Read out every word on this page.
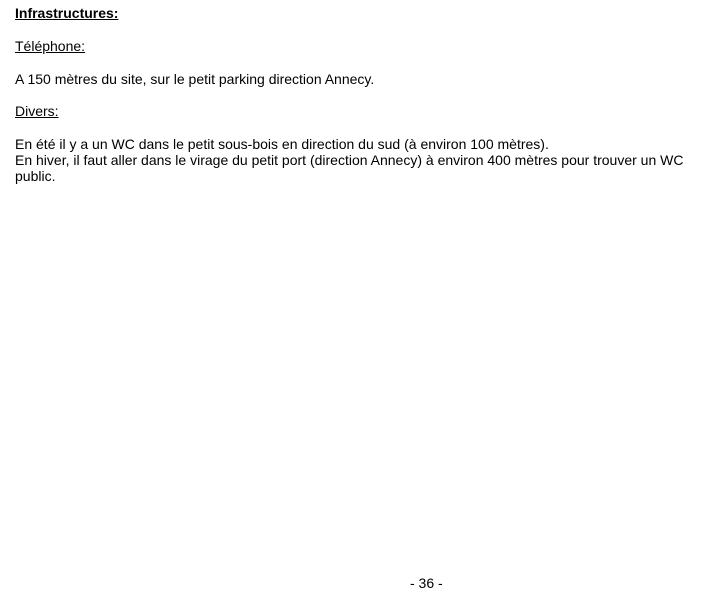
Infrastructures:
Téléphone:

A 150 mètres du site, sur le petit parking direction Annecy.

Divers:

En été il y a un WC dans le petit sous-bois en direction du sud (à environ 100 mètres).

En hiver, il faut aller dans le virage du petit port (direction Annecy) à environ 400 mètres pour trouver un WC public.

- 36 -
